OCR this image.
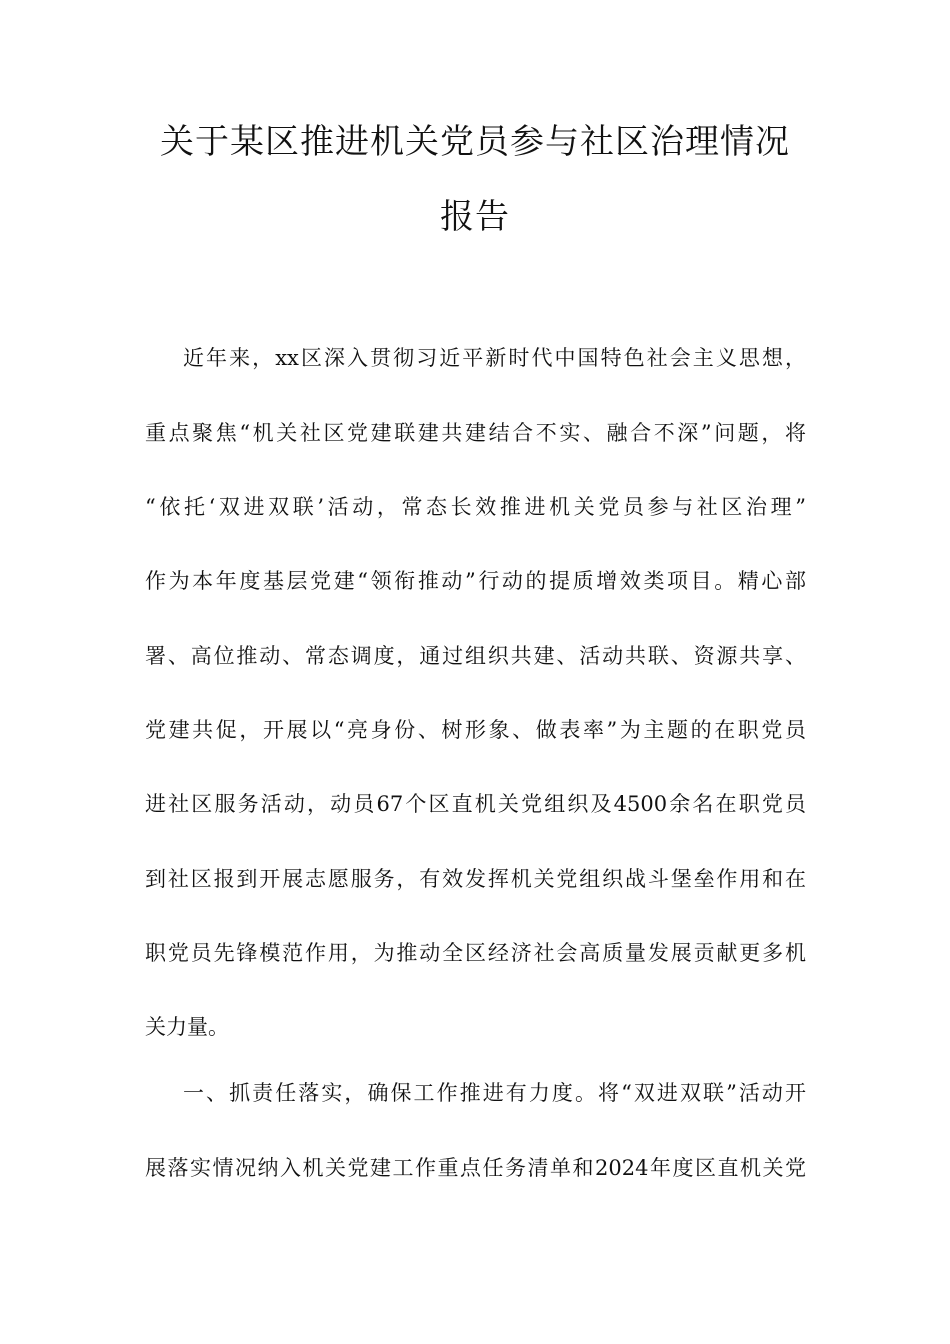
关于某区推进机关党员参与社区治理情况
报告
近年来，xx区深入贯彻习近平新时代中国特色社会主义思想，
重点聚焦“机关社区党建联建共建结合不实、融合不深”问题，将
“依托‘双进双联’活动，常态长效推进机关党员参与社区治理”
作为本年度基层党建“领衔推动”行动的提质增效类项目。精心部
署、高位推动、常态调度，通过组织共建、活动共联、资源共享、
党建共促，开展以“亮身份、树形象、做表率”为主题的在职党员
进社区服务活动，动员67个区直机关党组织及4500余名在职党员
到社区报到开展志愿服务，有效发挥机关党组织战斗堡垒作用和在
职党员先锋模范作用，为推动全区经济社会高质量发展贡献更多机
关力量。
一、抓责任落实，确保工作推进有力度。将“双进双联”活动开
展落实情况纳入机关党建工作重点任务清单和2024年度区直机关党
